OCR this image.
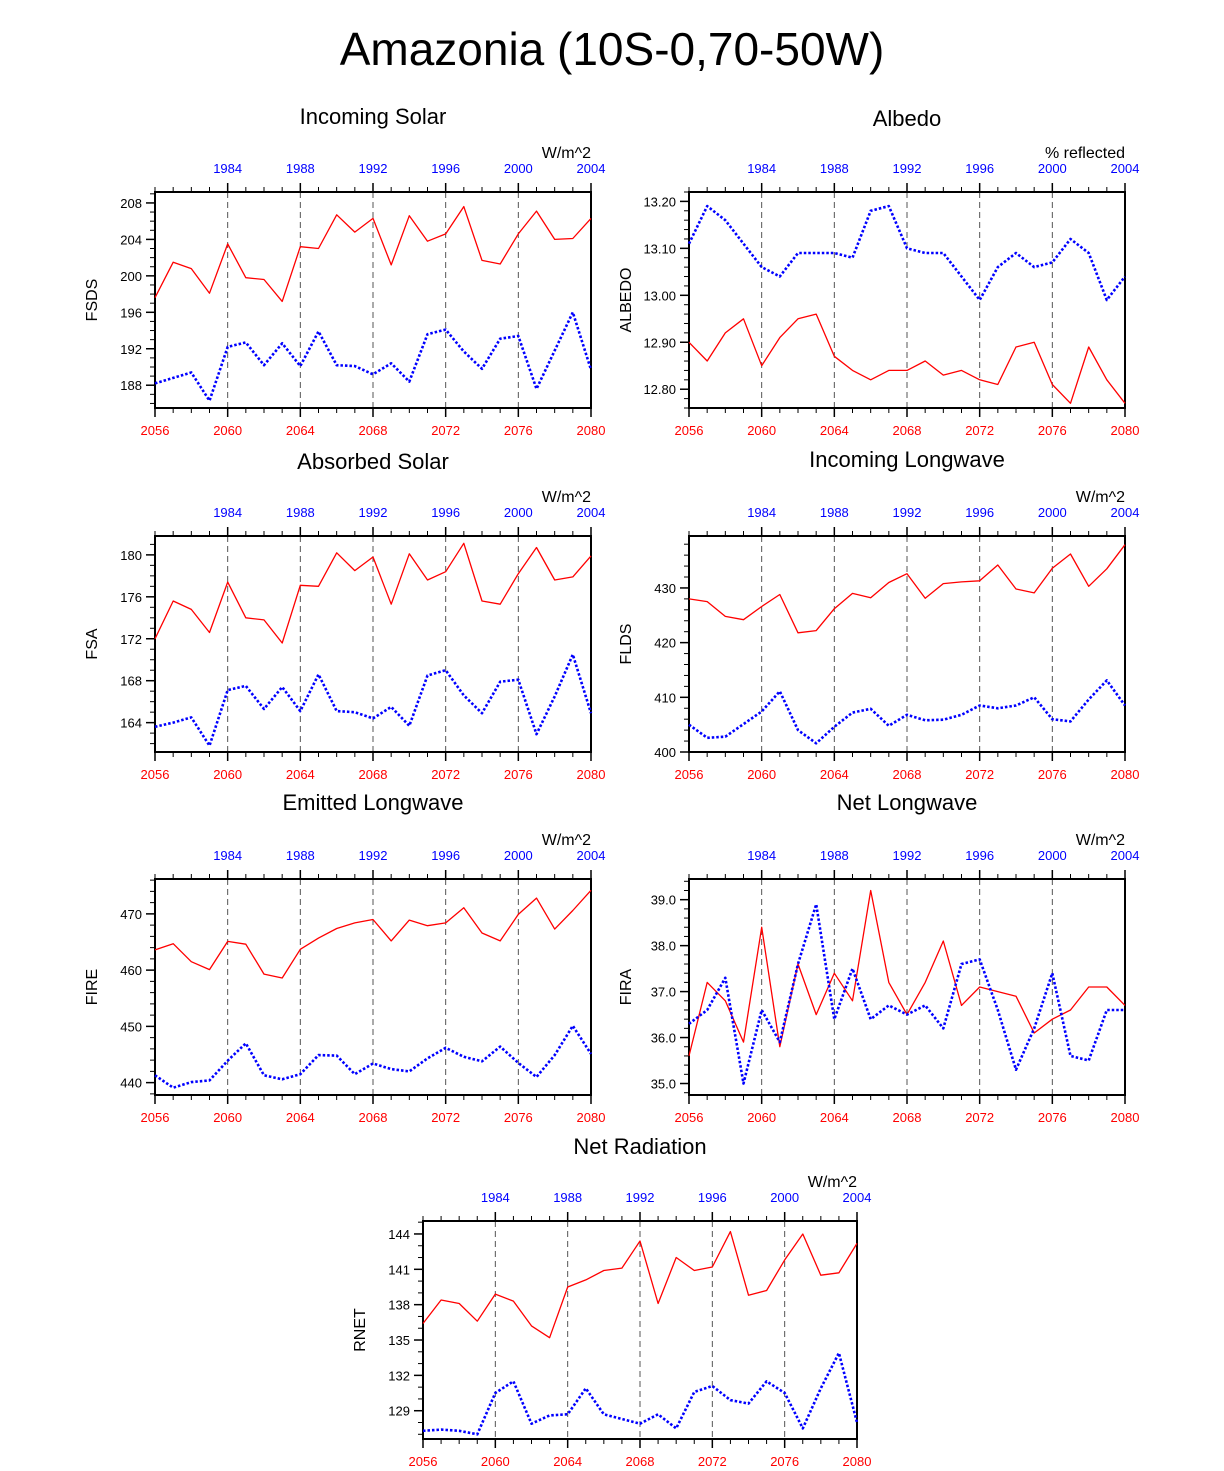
Amazonia (10S-0,70-50W)
Incoming Solar
W/m^2
FSDS
2056	2060	2064	2068	2072	2076	2080
1984	1988	1992	1996	2000	2004
188
192
196
200
204
208
Albedo
% reflected
ALBEDO
2056	2060	2064	2068	2072	2076	2080
1984	1988	1992	1996	2000	2004
12.80
12.90
13.00
13.10
13.20
Absorbed Solar
W/m^2
FSA
2056	2060	2064	2068	2072	2076	2080
1984	1988	1992	1996	2000	2004
164
168
172
176
180
Incoming Longwave
W/m^2
FLDS
2056	2060	2064	2068	2072	2076	2080
1984	1988	1992	1996	2000	2004
400
410
420
430
Emitted Longwave
W/m^2
FIRE
2056	2060	2064	2068	2072	2076	2080
1984	1988	1992	1996	2000	2004
440
450
460
470
Net Longwave
W/m^2
FIRA
2056	2060	2064	2068	2072	2076	2080
1984	1988	1992	1996	2000	2004
35.0
36.0
37.0
38.0
39.0
Net Radiation
W/m^2
RNET
2056	2060	2064	2068	2072	2076	2080
1984	1988	1992	1996	2000	2004
129
132
135
138
141
144
